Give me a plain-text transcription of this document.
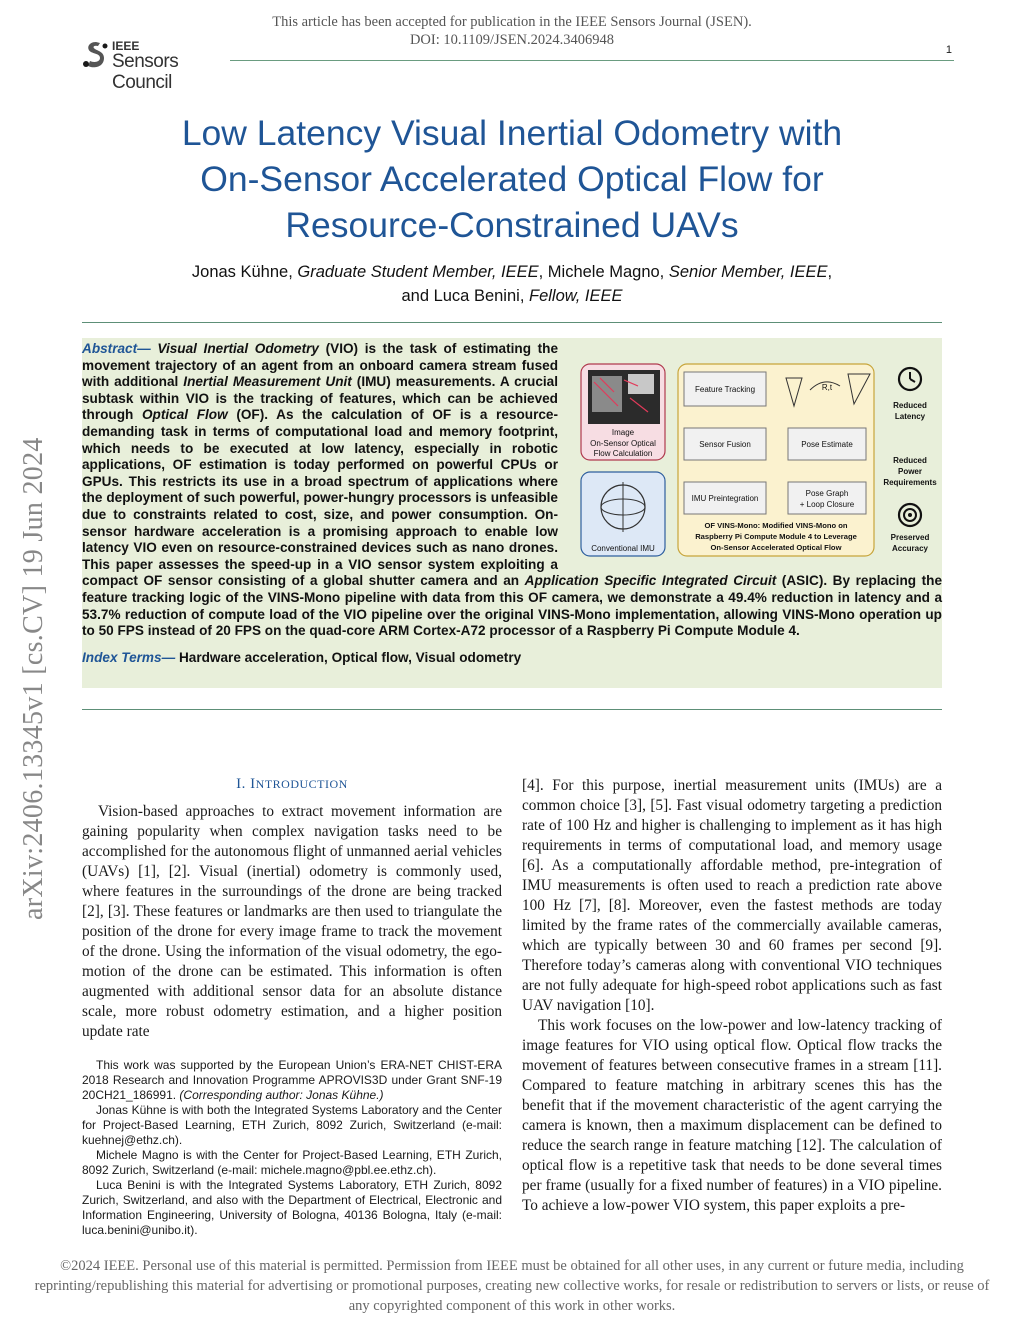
This article has been accepted for publication in the IEEE Sensors Journal (JSEN).
DOI: 10.1109/JSEN.2024.3406948
IEEE
Sensors Council
1
Low Latency Visual Inertial Odometry with
On-Sensor Accelerated Optical Flow for
Resource-Constrained UAVs
Jonas Kühne, Graduate Student Member, IEEE, Michele Magno, Senior Member, IEEE,
and Luca Benini, Fellow, IEEE
Abstract— Visual Inertial Odometry (VIO) is the task of estimating the movement trajectory of an agent from an onboard camera stream fused with additional Inertial Measurement Unit (IMU) measurements. A crucial subtask within VIO is the tracking of features, which can be achieved through Optical Flow (OF). As the calculation of OF is a resource-demanding task in terms of computational load and memory footprint, which needs to be executed at low latency, especially in robotic applications, OF estimation is today performed on powerful CPUs or GPUs. This restricts its use in a broad spectrum of applications where the deployment of such powerful, power-hungry processors is unfeasible due to constraints related to cost, size, and power consumption. On-sensor hardware acceleration is a promising approach to enable low latency VIO even on resource-constrained devices such as nano drones. This paper assesses the speed-up in a VIO sensor system exploiting a compact OF sensor consisting of a global shutter camera and an Application Specific Integrated Circuit (ASIC). By replacing the feature tracking logic of the VINS-Mono pipeline with data from this OF camera, we demonstrate a 49.4% reduction in latency and a 53.7% reduction of compute load of the VIO pipeline over the original VINS-Mono implementation, allowing VINS-Mono operation up to 50 FPS instead of 20 FPS on the quad-core ARM Cortex-A72 processor of a Raspberry Pi Compute Module 4.
Index Terms— Hardware acceleration, Optical flow, Visual odometry
Image
On-Sensor Optical
Flow Calculation
Conventional IMU
Feature Tracking	R,t
Sensor Fusion	Pose Estimate
IMU Preintegration
Pose Graph
+ Loop Closure
OF VINS-Mono: Modified VINS-Mono on
Raspberry Pi Compute Module 4 to Leverage
On-Sensor Accelerated Optical Flow
Reduced
Latency
Reduced
Power
Requirements
Preserved
Accuracy
I. INTRODUCTION
Vision-based approaches to extract movement information are gaining popularity when complex navigation tasks need to be accomplished for the autonomous flight of unmanned aerial vehicles (UAVs) [1], [2]. Visual (inertial) odometry is commonly used, where features in the surroundings of the drone are being tracked [2], [3]. These features or landmarks are then used to triangulate the position of the drone for every image frame to track the movement of the drone. Using the information of the visual odometry, the ego-motion of the drone can be estimated. This information is often augmented with additional sensor data for an absolute distance scale, more robust odometry estimation, and a higher position update rate

This work was supported by the European Union’s ERA-NET CHIST-ERA 2018 Research and Innovation Programme APROVIS3D under Grant SNF-19 20CH21_186991. (Corresponding author: Jonas Kühne.)

Jonas Kühne is with both the Integrated Systems Laboratory and the Center for Project-Based Learning, ETH Zurich, 8092 Zurich, Switzerland (e-mail: kuehnej@ethz.ch).

Michele Magno is with the Center for Project-Based Learning, ETH Zurich, 8092 Zurich, Switzerland (e-mail: michele.magno@pbl.ee.ethz.ch).

Luca Benini is with the Integrated Systems Laboratory, ETH Zurich, 8092 Zurich, Switzerland, and also with the Department of Electrical, Electronic and Information Engineering, University of Bologna, 40136 Bologna, Italy (e-mail: luca.benini@unibo.it).

[4]. For this purpose, inertial measurement units (IMUs) are a common choice [3], [5]. Fast visual odometry targeting a prediction rate of 100 Hz and higher is challenging to implement as it has high requirements in terms of computational load, and memory usage [6]. As a computationally affordable method, pre-integration of IMU measurements is often used to reach a prediction rate above 100 Hz [7], [8]. Moreover, even the fastest methods are today limited by the frame rates of the commercially available cameras, which are typically between 30 and 60 frames per second [9]. Therefore today’s cameras along with conventional VIO techniques are not fully adequate for high-speed robot applications such as fast UAV navigation [10].
This work focuses on the low-power and low-latency tracking of image features for VIO using optical flow. Optical flow tracks the movement of features between consecutive frames in a stream [11]. Compared to feature matching in arbitrary scenes this has the benefit that if the movement characteristic of the agent carrying the camera is known, then a maximum displacement can be defined to reduce the search range in feature matching [12]. The calculation of optical flow is a repetitive task that needs to be done several times per frame (usually for a fixed number of features) in a VIO pipeline. To achieve a low-power VIO system, this paper exploits a pre-
arXiv:2406.13345v1 [cs.CV] 19 Jun 2024
©2024 IEEE. Personal use of this material is permitted. Permission from IEEE must be obtained for all other uses, in any current or future media, including reprinting/republishing this material for advertising or promotional purposes, creating new collective works, for resale or redistribution to servers or lists, or reuse of any copyrighted component of this work in other works.
